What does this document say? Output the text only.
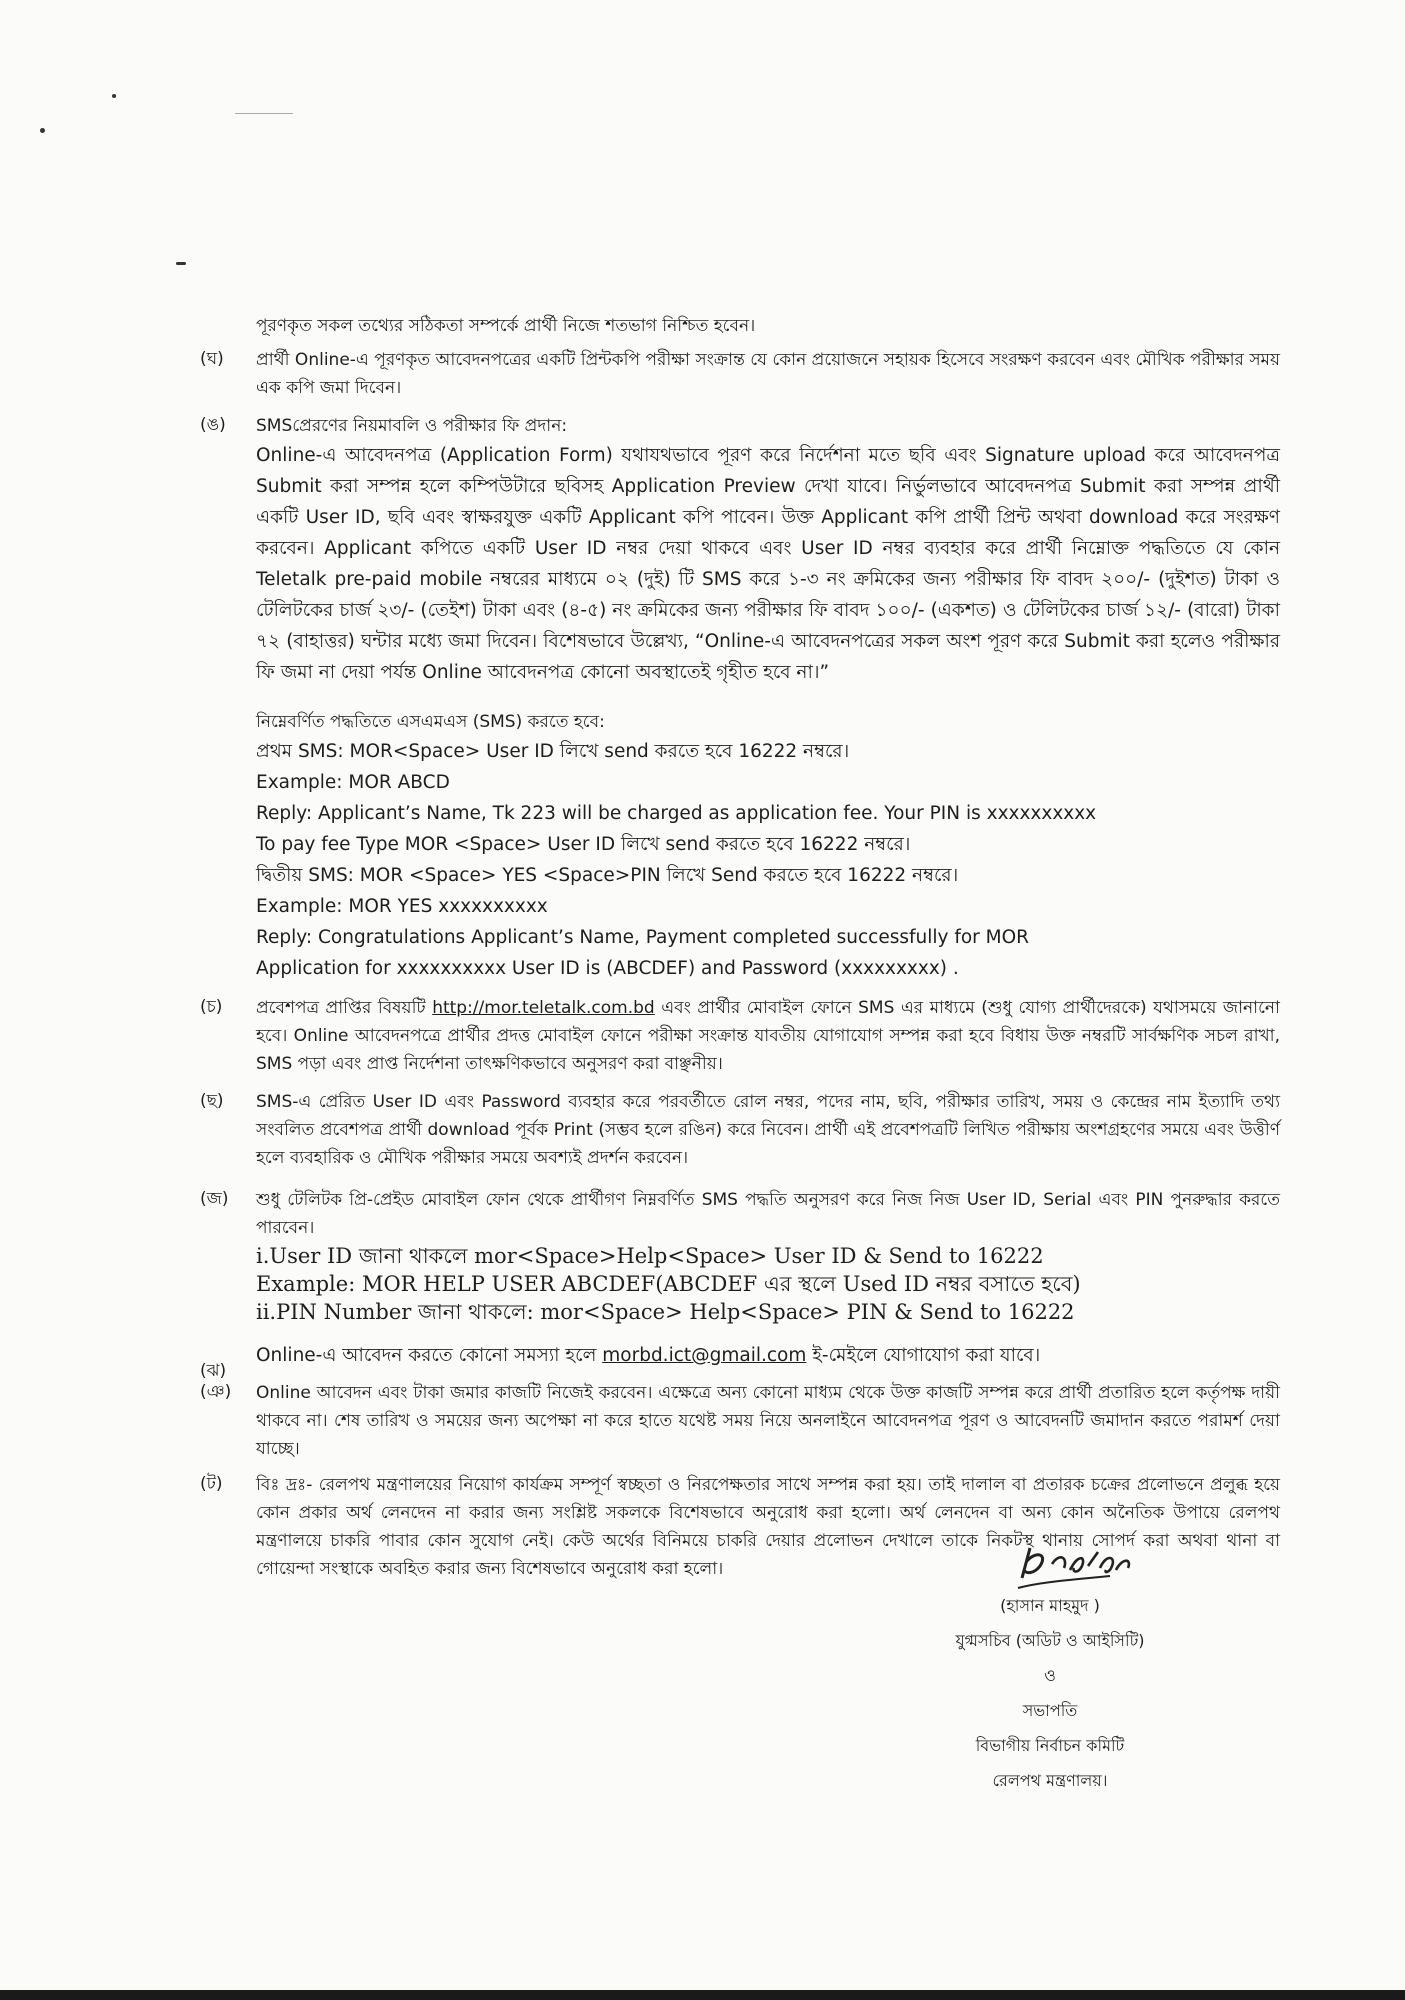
পূরণকৃত সকল তথ্যের সঠিকতা সম্পর্কে প্রার্থী নিজে শতভাগ নিশ্চিত হবেন।

(ঘ) প্রার্থী Online-এ পূরণকৃত আবেদনপত্রের একটি প্রিন্টকপি পরীক্ষা সংক্রান্ত যে কোন প্রয়োজনে সহায়ক হিসেবে সংরক্ষণ করবেন এবং মৌখিক পরীক্ষার সময় এক কপি জমা দিবেন।

(ঙ) SMSপ্রেরণের নিয়মাবলি ও পরীক্ষার ফি প্রদান:

Online-এ আবেদনপত্র (Application Form) যথাযথভাবে পূরণ করে নির্দেশনা মতে ছবি এবং Signature upload করে আবেদনপত্র Submit করা সম্পন্ন হলে কম্পিউটারে ছবিসহ Application Preview দেখা যাবে। নির্ভুলভাবে আবেদনপত্র Submit করা সম্পন্ন প্রার্থী একটি User ID, ছবি এবং স্বাক্ষরযুক্ত একটি Applicant কপি পাবেন। উক্ত Applicant কপি প্রার্থী প্রিন্ট অথবা download করে সংরক্ষণ করবেন। Applicant কপিতে একটি User ID নম্বর দেয়া থাকবে এবং User ID নম্বর ব্যবহার করে প্রার্থী নিম্নোক্ত পদ্ধতিতে যে কোন Teletalk pre-paid mobile নম্বরের মাধ্যমে ০২ (দুই) টি SMS করে ১-৩ নং ক্রমিকের জন্য পরীক্ষার ফি বাবদ ২০০/- (দুইশত) টাকা ও টেলিটকের চার্জ ২৩/- (তেইশ) টাকা এবং (৪-৫) নং ক্রমিকের জন্য পরীক্ষার ফি বাবদ ১০০/- (একশত) ও টেলিটকের চার্জ ১২/- (বারো) টাকা ৭২ (বাহাত্তর) ঘন্টার মধ্যে জমা দিবেন। বিশেষভাবে উল্লেখ্য, “Online-এ আবেদনপত্রের সকল অংশ পূরণ করে Submit করা হলেও পরীক্ষার ফি জমা না দেয়া পর্যন্ত Online আবেদনপত্র কোনো অবস্থাতেই গৃহীত হবে না।”

নিম্নেবর্ণিত পদ্ধতিতে এসএমএস (SMS) করতে হবে:

প্রথম SMS: MOR<Space> User ID লিখে send করতে হবে 16222 নম্বরে।

Example: MOR ABCD

Reply: Applicant’s Name, Tk 223 will be charged as application fee. Your PIN is xxxxxxxxxx

To pay fee Type MOR <Space> User ID লিখে send করতে হবে 16222 নম্বরে।

দ্বিতীয় SMS: MOR <Space> YES <Space>PIN লিখে Send করতে হবে 16222 নম্বরে।

Example: MOR YES xxxxxxxxxx

Reply: Congratulations Applicant’s Name, Payment completed successfully for MOR

Application for xxxxxxxxxx User ID is (ABCDEF) and Password (xxxxxxxxx) .

(চ) প্রবেশপত্র প্রাপ্তির বিষয়টি http://mor.teletalk.com.bd এবং প্রার্থীর মোবাইল ফোনে SMS এর মাধ্যমে (শুধু যোগ্য প্রার্থীদেরকে) যথাসময়ে জানানো হবে। Online আবেদনপত্রে প্রার্থীর প্রদত্ত মোবাইল ফোনে পরীক্ষা সংক্রান্ত যাবতীয় যোগাযোগ সম্পন্ন করা হবে বিধায় উক্ত নম্বরটি সার্বক্ষণিক সচল রাখা, SMS পড়া এবং প্রাপ্ত নির্দেশনা তাৎক্ষণিকভাবে অনুসরণ করা বাঞ্ছনীয়।

(ছ) SMS-এ প্রেরিত User ID এবং Password ব্যবহার করে পরবর্তীতে রোল নম্বর, পদের নাম, ছবি, পরীক্ষার তারিখ, সময় ও কেন্দ্রের নাম ইত্যাদি তথ্য সংবলিত প্রবেশপত্র প্রার্থী download পূর্বক Print (সম্ভব হলে রঙিন) করে নিবেন। প্রার্থী এই প্রবেশপত্রটি লিখিত পরীক্ষায় অংশগ্রহণের সময়ে এবং উত্তীর্ণ হলে ব্যবহারিক ও মৌখিক পরীক্ষার সময়ে অবশ্যই প্রদর্শন করবেন।

(জ) শুধু টেলিটক প্রি-প্রেইড মোবাইল ফোন থেকে প্রার্থীগণ নিম্নবর্ণিত SMS পদ্ধতি অনুসরণ করে নিজ নিজ User ID, Serial এবং PIN পুনরুদ্ধার করতে পারবেন।

i.User ID জানা থাকলে mor<Space>Help<Space> User ID & Send to 16222

Example: MOR HELP USER ABCDEF(ABCDEF এর স্থলে Used ID নম্বর বসাতে হবে)

ii.PIN Number জানা থাকলে: mor<Space> Help<Space> PIN & Send to 16222

(ঝ)

Online-এ আবেদন করতে কোনো সমস্যা হলে morbd.ict@gmail.com ই-মেইলে যোগাযোগ করা যাবে।

(ঞ) Online আবেদন এবং টাকা জমার কাজটি নিজেই করবেন। এক্ষেত্রে অন্য কোনো মাধ্যম থেকে উক্ত কাজটি সম্পন্ন করে প্রার্থী প্রতারিত হলে কর্তৃপক্ষ দায়ী থাকবে না। শেষ তারিখ ও সময়ের জন্য অপেক্ষা না করে হাতে যথেষ্ট সময় নিয়ে অনলাইনে আবেদনপত্র পূরণ ও আবেদনটি জমাদান করতে পরামর্শ দেয়া যাচ্ছে।

(ট) বিঃ দ্রঃ- রেলপথ মন্ত্রণালয়ের নিয়োগ কার্যক্রম সম্পূর্ণ স্বচ্ছতা ও নিরপেক্ষতার সাথে সম্পন্ন করা হয়। তাই দালাল বা প্রতারক চক্রের প্রলোভনে প্রলুব্ধ হয়ে কোন প্রকার অর্থ লেনদেন না করার জন্য সংশ্লিষ্ট সকলকে বিশেষভাবে অনুরোধ করা হলো। অর্থ লেনদেন বা অন্য কোন অনৈতিক উপায়ে রেলপথ মন্ত্রণালয়ে চাকরি পাবার কোন সুযোগ নেই। কেউ অর্থের বিনিময়ে চাকরি দেয়ার প্রলোভন দেখালে তাকে নিকটস্থ থানায় সোপর্দ করা অথবা থানা বা গোয়েন্দা সংস্থাকে অবহিত করার জন্য বিশেষভাবে অনুরোধ করা হলো।

(হাসান মাহমুদ )
যুগ্মসচিব (অডিট ও আইসিটি)
ও
সভাপতি
বিভাগীয় নির্বাচন কমিটি
রেলপথ মন্ত্রণালয়।
